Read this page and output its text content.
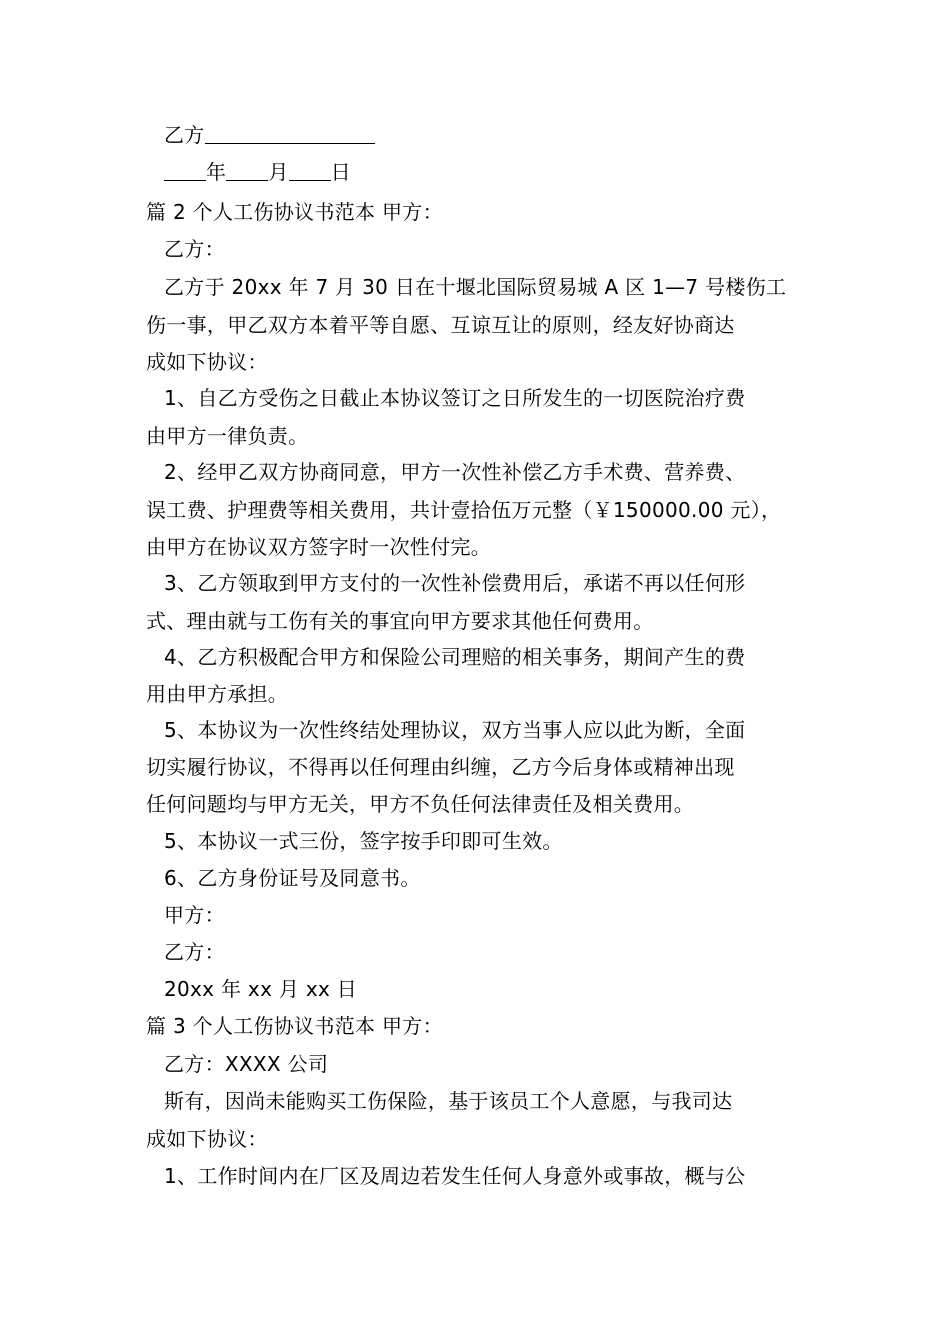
乙方
年 月 日
篇 2 个人工伤协议书范本 甲方：
乙方：
乙方于 20xx 年 7 月 30 日在十堰北国际贸易城 A 区 1—7 号楼伤工
伤一事，甲乙双方本着平等自愿、互谅互让的原则，经友好协商达
成如下协议：
1、自乙方受伤之日截止本协议签订之日所发生的一切医院治疗费
由甲方一律负责。
2、经甲乙双方协商同意，甲方一次性补偿乙方手术费、营养费、
误工费、护理费等相关费用，共计壹拾伍万元整（￥150000.00 元），
由甲方在协议双方签字时一次性付完。
3、乙方领取到甲方支付的一次性补偿费用后，承诺不再以任何形
式、理由就与工伤有关的事宜向甲方要求其他任何费用。
4、乙方积极配合甲方和保险公司理赔的相关事务，期间产生的费
用由甲方承担。
5、本协议为一次性终结处理协议，双方当事人应以此为断，全面
切实履行协议，不得再以任何理由纠缠，乙方今后身体或精神出现
任何问题均与甲方无关，甲方不负任何法律责任及相关费用。
5、本协议一式三份，签字按手印即可生效。
6、乙方身份证号及同意书。
甲方：
乙方：
20xx 年 xx 月 xx 日
篇 3 个人工伤协议书范本 甲方：
乙方：XXXX 公司
斯有，因尚未能购买工伤保险，基于该员工个人意愿，与我司达
成如下协议：
1、工作时间内在厂区及周边若发生任何人身意外或事故，概与公
